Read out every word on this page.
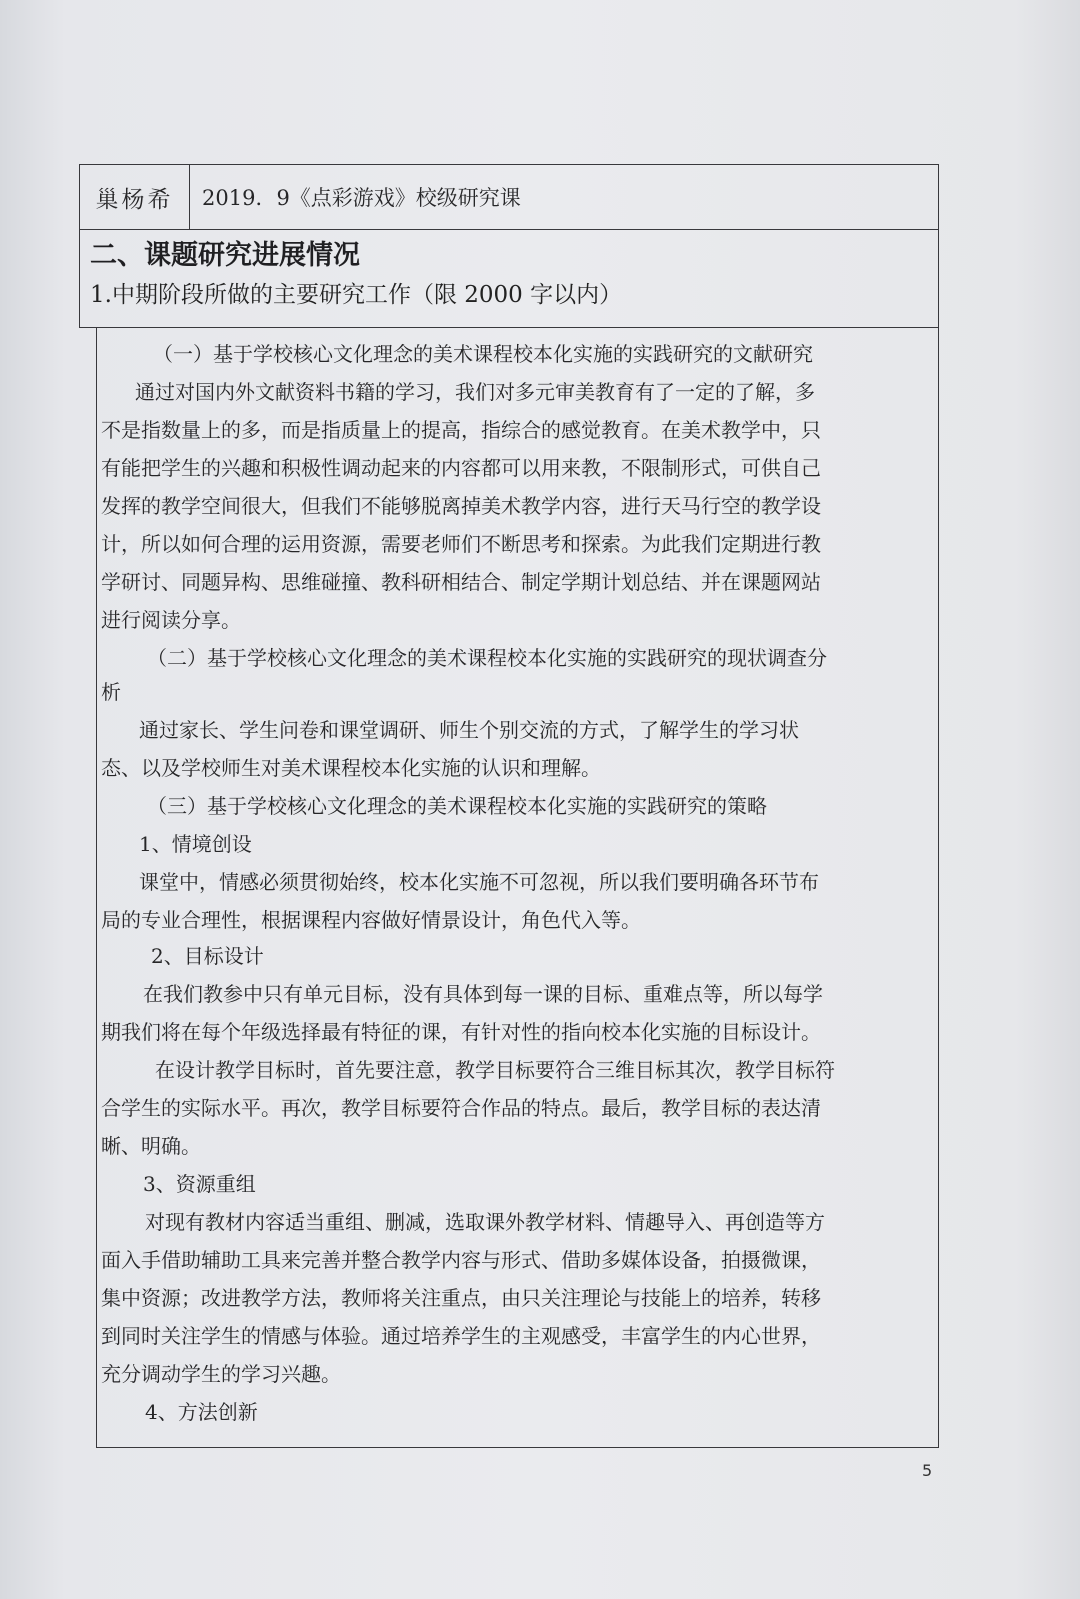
巢杨希	2019．9《点彩游戏》校级研究课
二、课题研究进展情况
1.中期阶段所做的主要研究工作（限 2000 字以内）
（一）基于学校核心文化理念的美术课程校本化实施的实践研究的文献研究
通过对国内外文献资料书籍的学习，我们对多元审美教育有了一定的了解，多
不是指数量上的多，而是指质量上的提高，指综合的感觉教育。在美术教学中，只
有能把学生的兴趣和积极性调动起来的内容都可以用来教，不限制形式，可供自己
发挥的教学空间很大，但我们不能够脱离掉美术教学内容，进行天马行空的教学设
计，所以如何合理的运用资源，需要老师们不断思考和探索。为此我们定期进行教
学研讨、同题异构、思维碰撞、教科研相结合、制定学期计划总结、并在课题网站
进行阅读分享。
（二）基于学校核心文化理念的美术课程校本化实施的实践研究的现状调查分
析
通过家长、学生问卷和课堂调研、师生个别交流的方式，了解学生的学习状
态、以及学校师生对美术课程校本化实施的认识和理解。
（三）基于学校核心文化理念的美术课程校本化实施的实践研究的策略
1、情境创设
课堂中，情感必须贯彻始终，校本化实施不可忽视，所以我们要明确各环节布
局的专业合理性，根据课程内容做好情景设计，角色代入等。
2、目标设计
在我们教参中只有单元目标，没有具体到每一课的目标、重难点等，所以每学
期我们将在每个年级选择最有特征的课，有针对性的指向校本化实施的目标设计。
在设计教学目标时，首先要注意，教学目标要符合三维目标其次，教学目标符
合学生的实际水平。再次，教学目标要符合作品的特点。最后，教学目标的表达清
晰、明确。
3、资源重组
对现有教材内容适当重组、删减，选取课外教学材料、情趣导入、再创造等方
面入手借助辅助工具来完善并整合教学内容与形式、借助多媒体设备，拍摄微课，
集中资源；改进教学方法，教师将关注重点，由只关注理论与技能上的培养，转移
到同时关注学生的情感与体验。通过培养学生的主观感受，丰富学生的内心世界，
充分调动学生的学习兴趣。
4、方法创新
5
